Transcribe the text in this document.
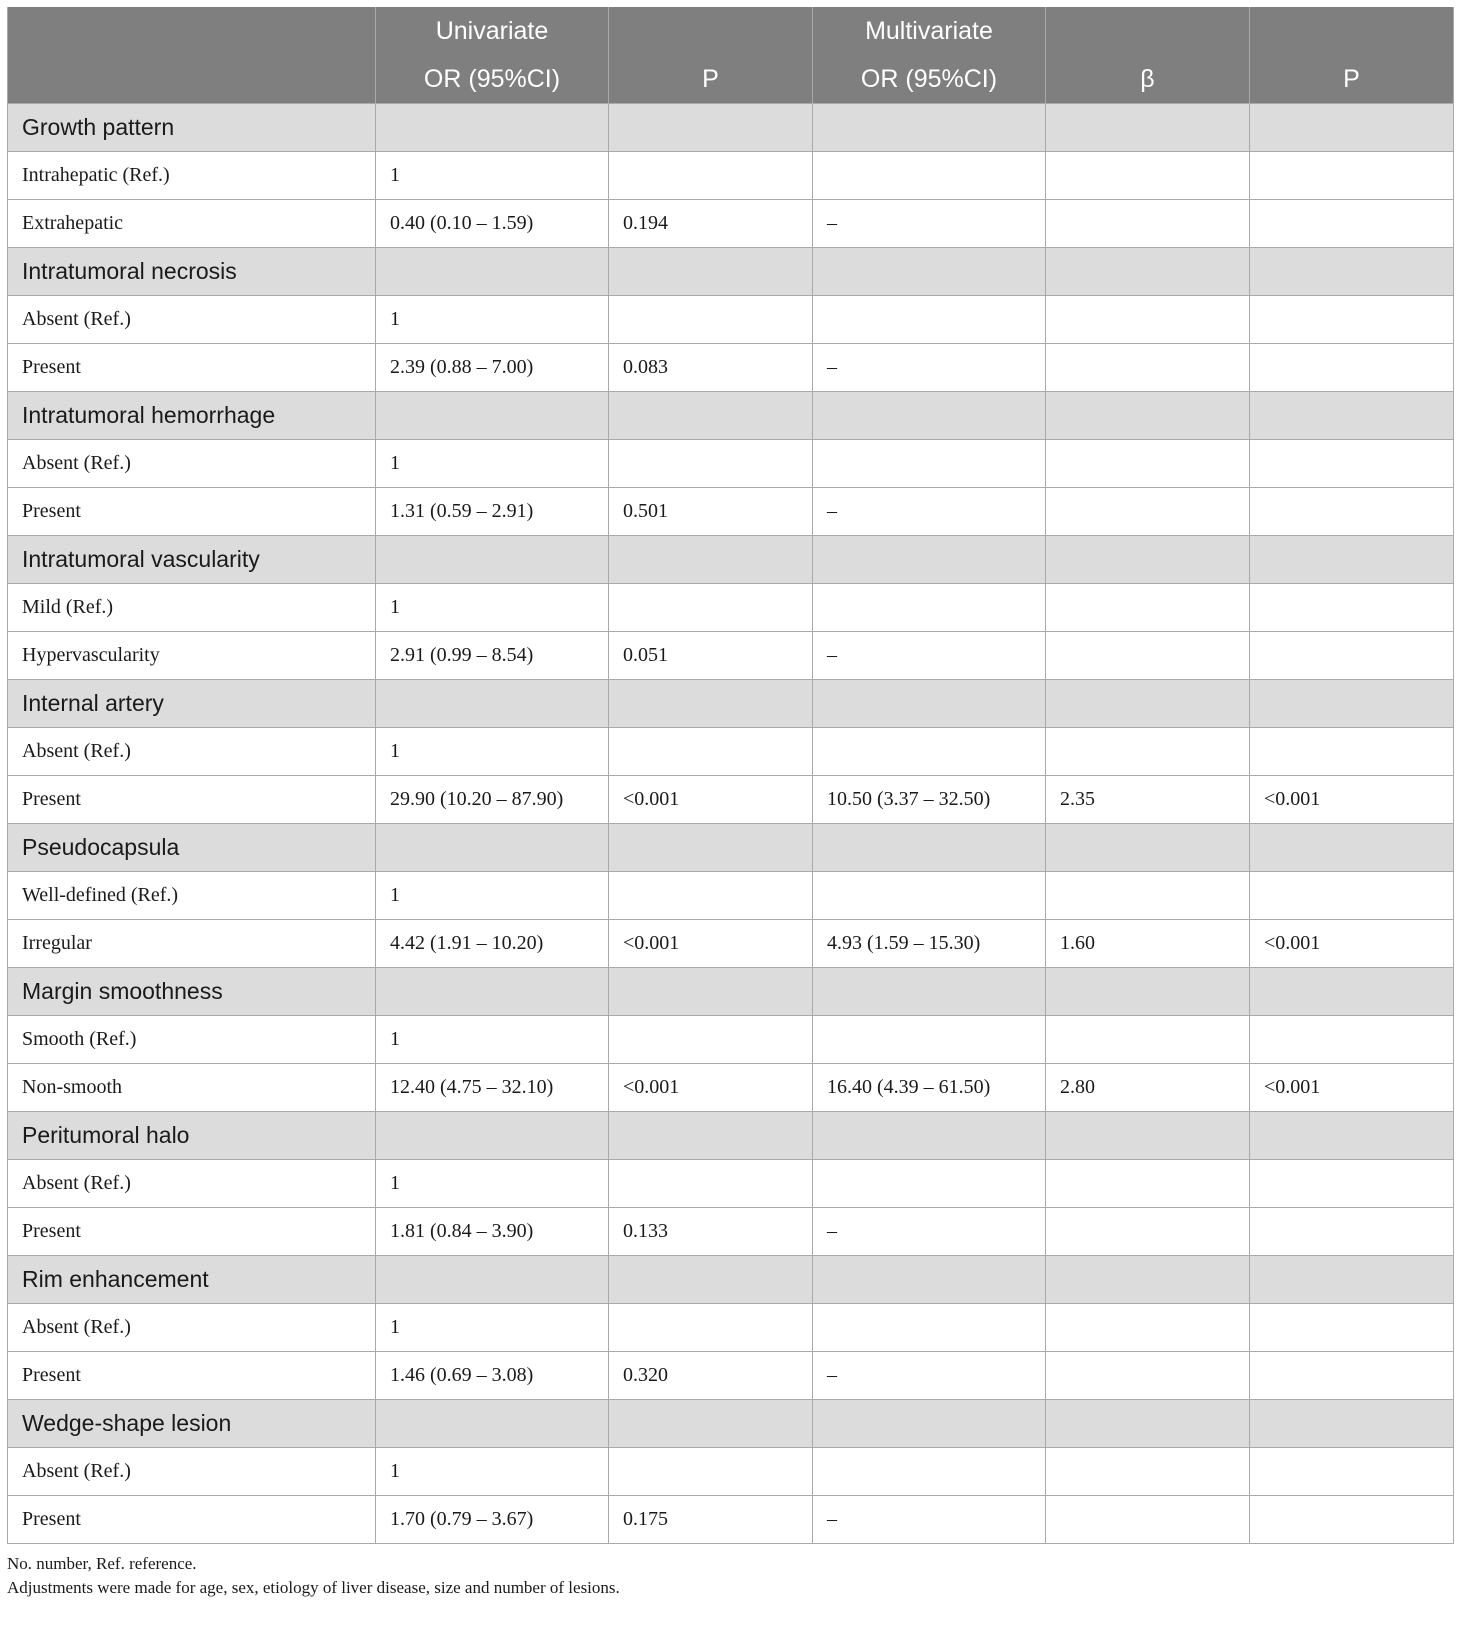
	Univariate		Multivariate		
	OR (95%CI)	P	OR (95%CI)	β	P
Growth pattern					
Intrahepatic (Ref.)	1				
Extrahepatic	0.40 (0.10 – 1.59)	0.194	–		
Intratumoral necrosis					
Absent (Ref.)	1				
Present	2.39 (0.88 – 7.00)	0.083	–		
Intratumoral hemorrhage					
Absent (Ref.)	1				
Present	1.31 (0.59 – 2.91)	0.501	–		
Intratumoral vascularity					
Mild (Ref.)	1				
Hypervascularity	2.91 (0.99 – 8.54)	0.051	–		
Internal artery					
Absent (Ref.)	1				
Present	29.90 (10.20 – 87.90)	<0.001	10.50 (3.37 – 32.50)	2.35	<0.001
Pseudocapsula					
Well-defined (Ref.)	1				
Irregular	4.42 (1.91 – 10.20)	<0.001	4.93 (1.59 – 15.30)	1.60	<0.001
Margin smoothness					
Smooth (Ref.)	1				
Non-smooth	12.40 (4.75 – 32.10)	<0.001	16.40 (4.39 – 61.50)	2.80	<0.001
Peritumoral halo					
Absent (Ref.)	1				
Present	1.81 (0.84 – 3.90)	0.133	–		
Rim enhancement					
Absent (Ref.)	1				
Present	1.46 (0.69 – 3.08)	0.320	–		
Wedge-shape lesion					
Absent (Ref.)	1				
Present	1.70 (0.79 – 3.67)	0.175	–		
No. number, Ref. reference.
Adjustments were made for age, sex, etiology of liver disease, size and number of lesions.
